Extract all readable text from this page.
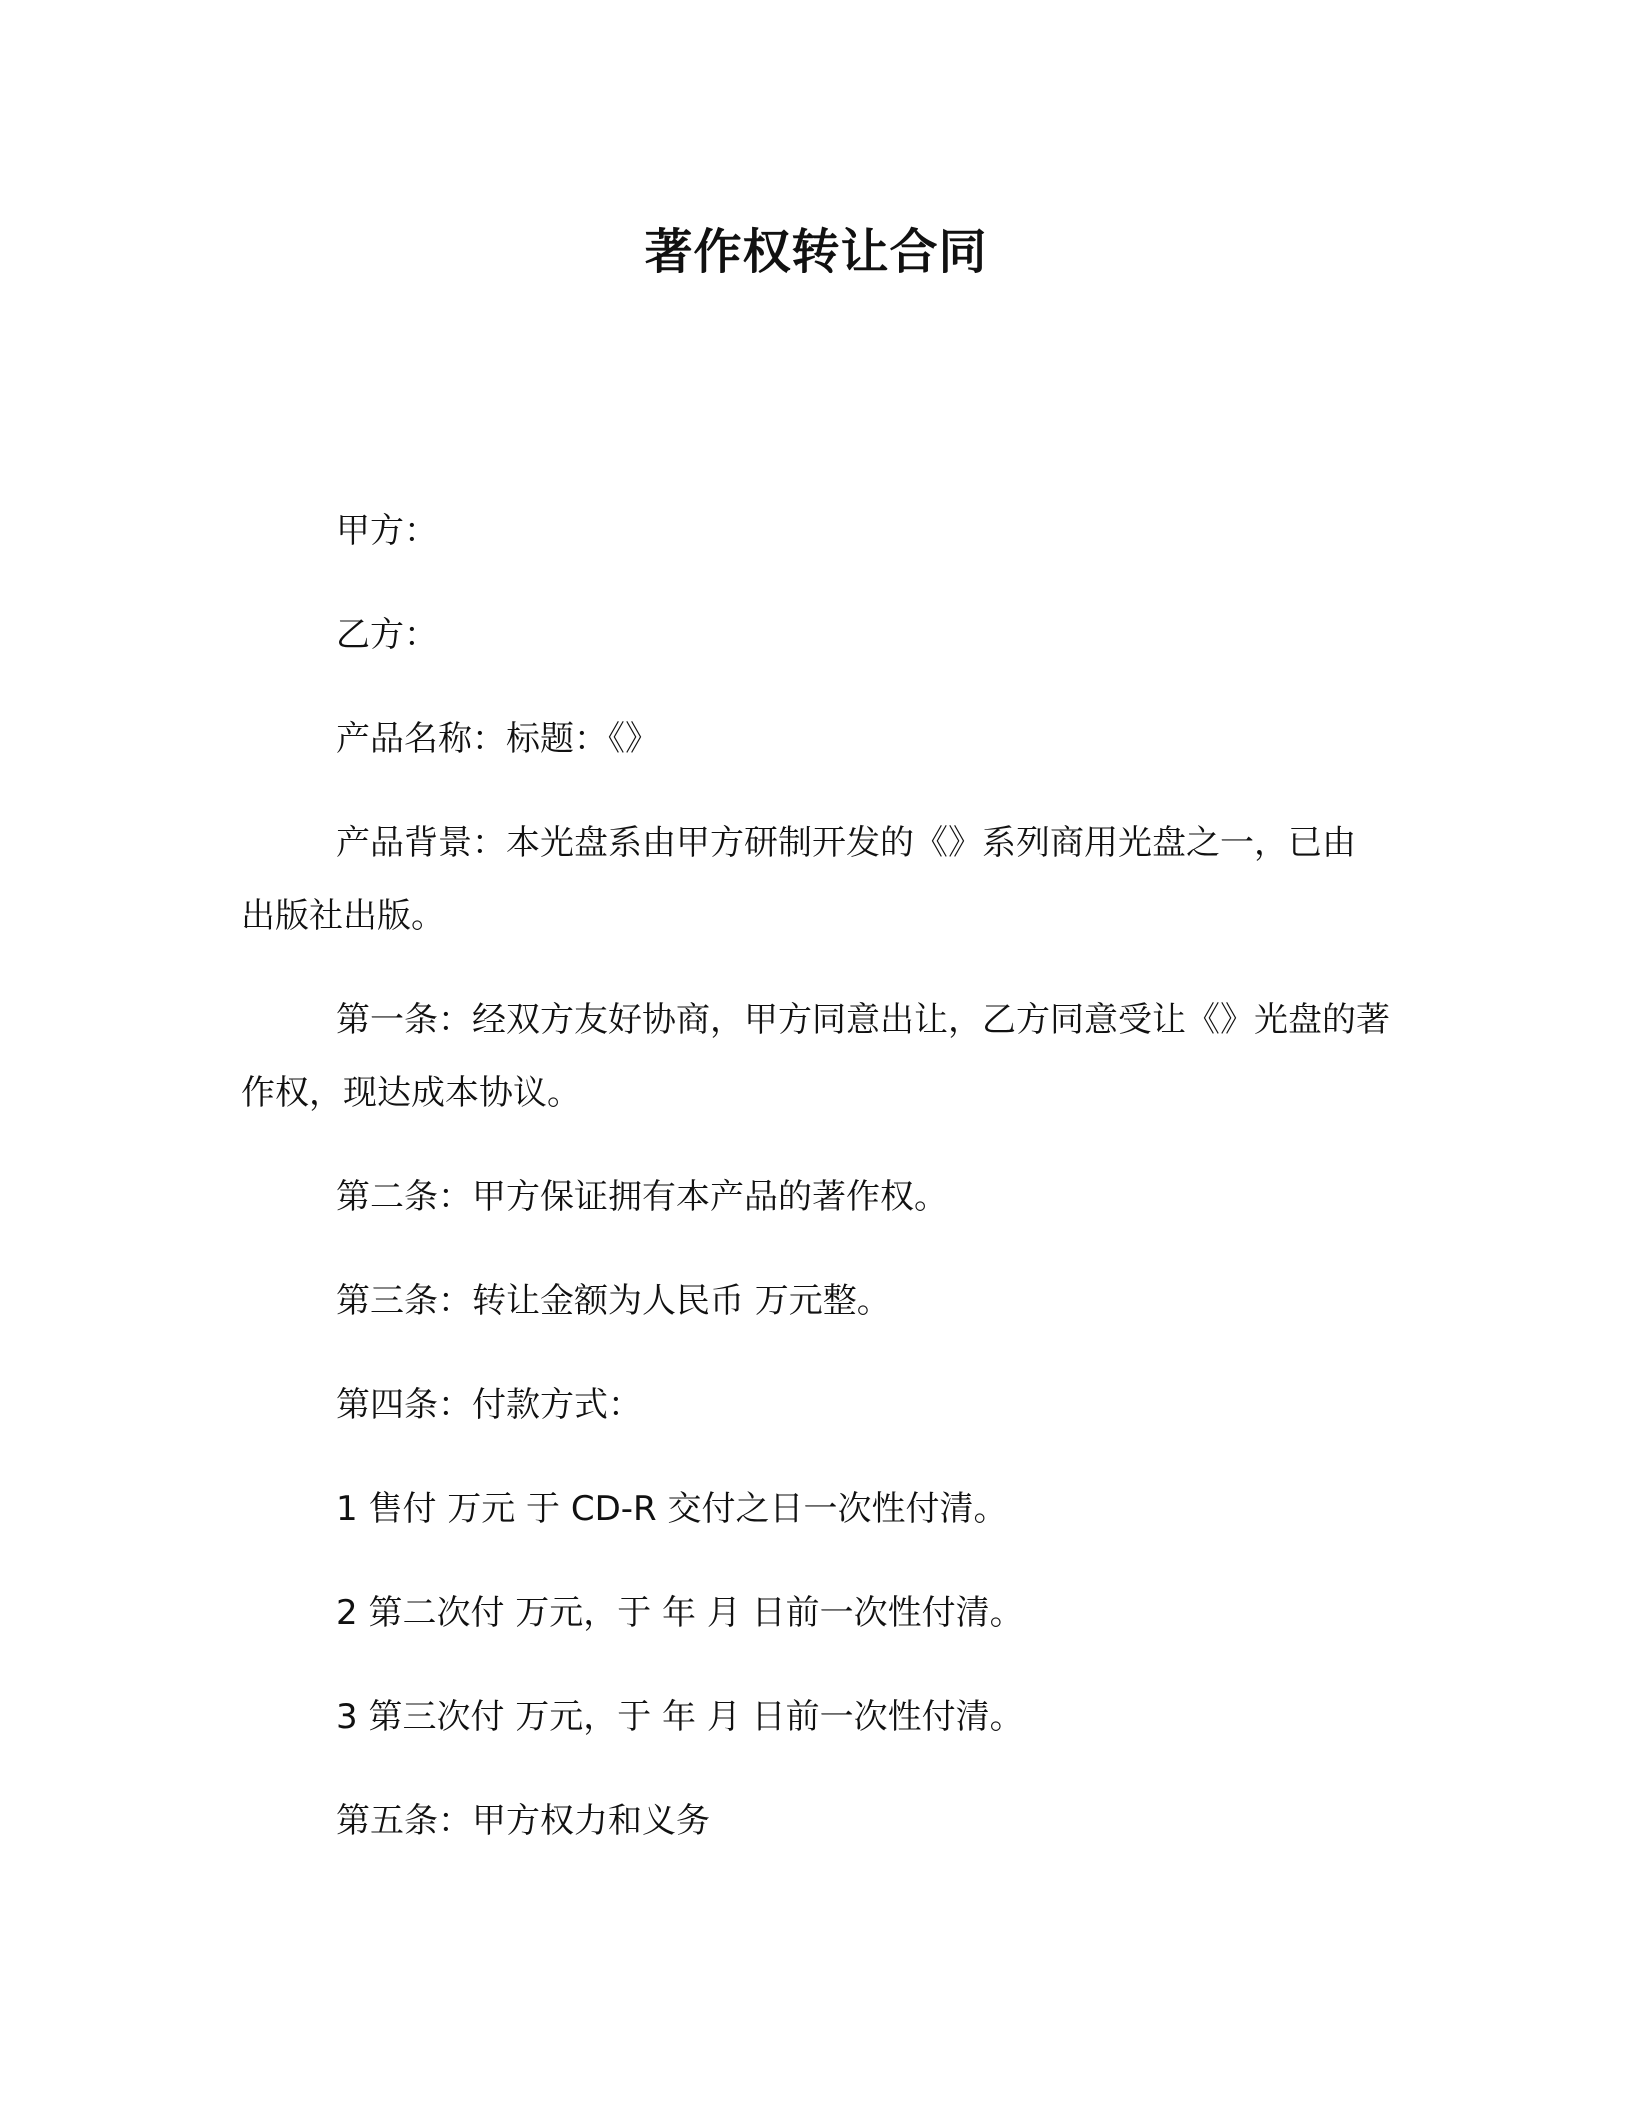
著作权转让合同

甲方：

乙方：

产品名称：标题：《》

产品背景：本光盘系由甲方研制开发的《》系列商用光盘之一，已由 出版社出版。

第一条：经双方友好协商，甲方同意出让，乙方同意受让《》光盘的著作权，现达成本协议。

第二条：甲方保证拥有本产品的著作权。

第三条：转让金额为人民币 万元整。

第四条：付款方式：

1 售付 万元 于 CD-R 交付之日一次性付清。

2 第二次付 万元，于 年 月 日前一次性付清。

3 第三次付 万元，于 年 月 日前一次性付清。

第五条：甲方权力和义务
